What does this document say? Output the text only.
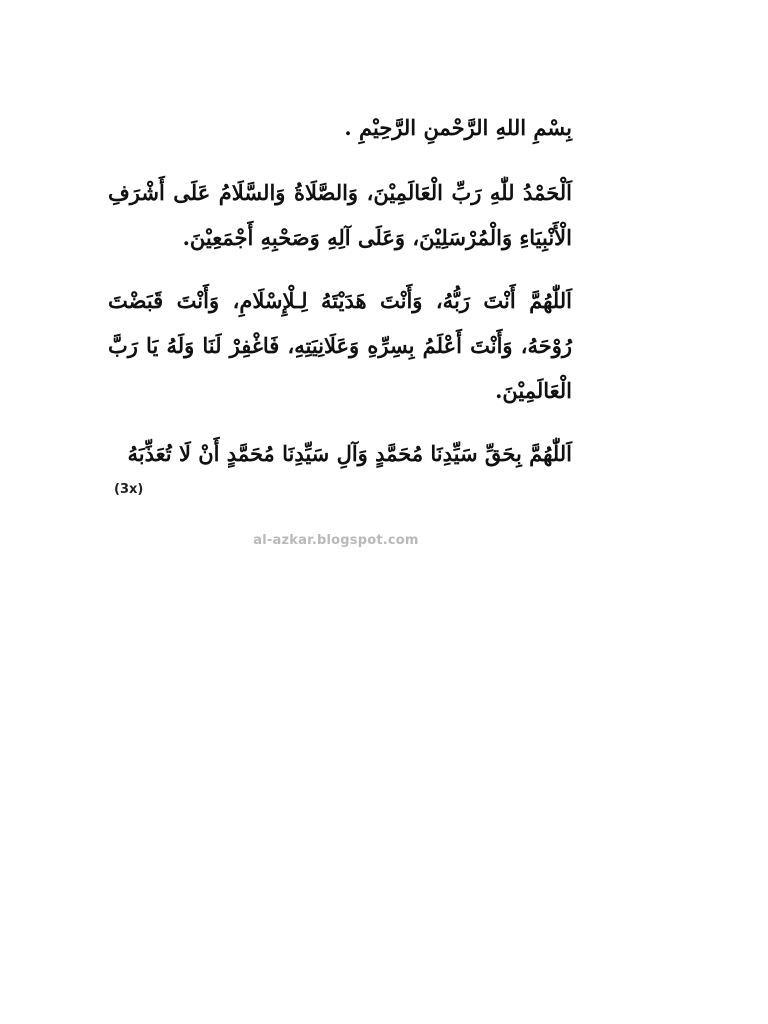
بِسْمِ اللهِ الرَّحْمنِ الرَّحِيْمِ .

اَلْحَمْدُ للّٰهِ رَبِّ الْعَالَمِيْنَ، وَالصَّلَاةُ وَالسَّلَامُ عَلَى أَشْرَفِ الْأَنْبِيَاءِ وَالْمُرْسَلِيْنَ، وَعَلَى آلِهِ وَصَحْبِهِ أَجْمَعِيْنَ.

اَللّٰهُمَّ أَنْتَ رَبُّهُ، وَأَنْتَ هَدَيْتَهُ لِـلْإِسْلَامِ، وَأَنْتَ قَبَضْتَ رُوْحَهُ، وَأَنْتَ أَعْلَمُ بِسِرِّهِ وَعَلَانِيَتِهِ، فَاغْفِرْ لَنَا وَلَهُ يَا رَبَّ الْعَالَمِيْنَ.

اَللّٰهُمَّ بِحَقِّ سَيِّدِنَا مُحَمَّدٍ وَآلِ سَيِّدِنَا مُحَمَّدٍ أَنْ لَا تُعَذِّبَهُ

(3x)
al-azkar.blogspot.com
